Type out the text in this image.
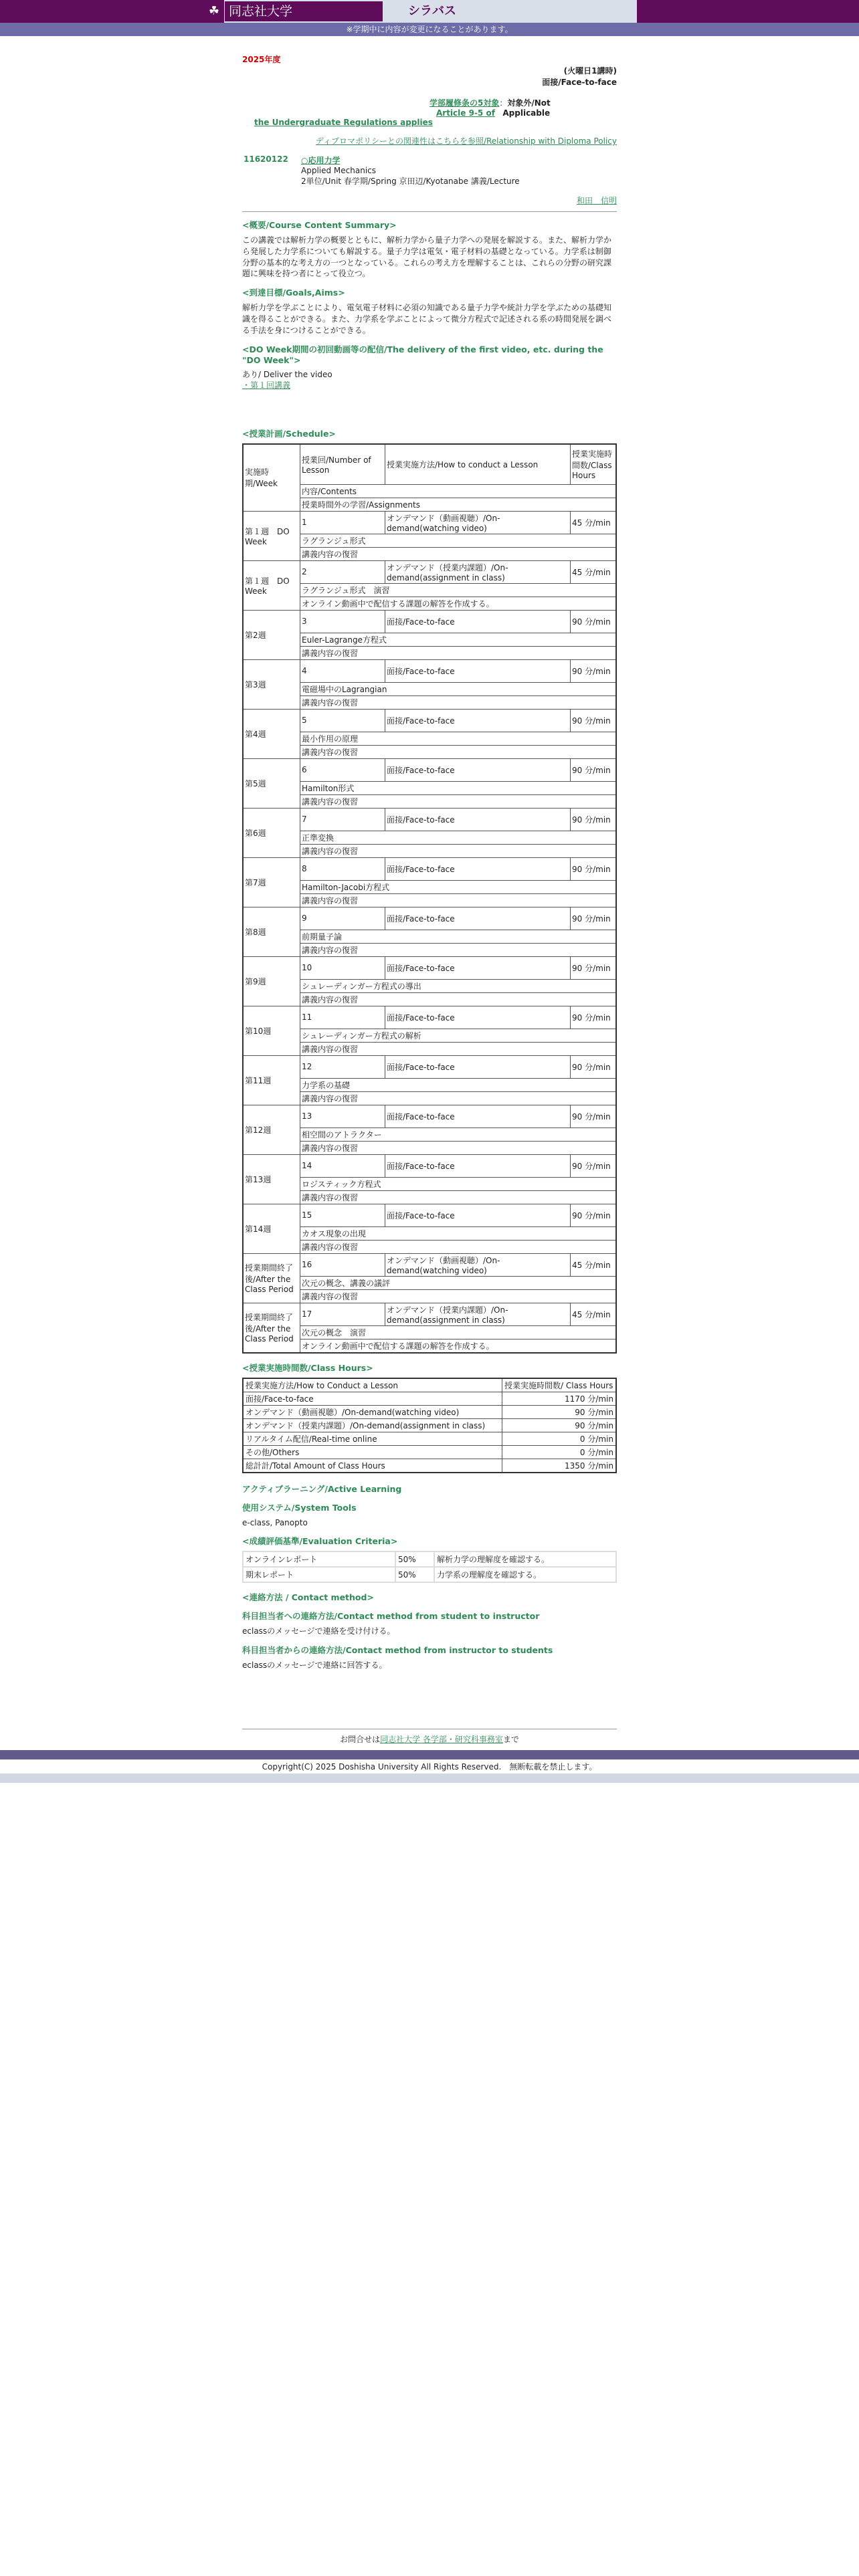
☘ 同志社大学	シラバス
※学期中に内容が変更になることがあります。
2025年度
(火曜日1講時)
面接/Face-to-face
学部履修条の5対象：対象外/Not
Article 9-5 of Applicable
the Undergraduate Regulations applies
ディプロマポリシーとの関連性はこちらを参照/Relationship with Diploma Policy
11620122	○応用力学
Applied Mechanics
2単位/Unit 春学期/Spring 京田辺/Kyotanabe 講義/Lecture
和田　信明
<概要/Course Content Summary>

この講義では解析力学の概要とともに、解析力学から量子力学への発展を解説する。また、解析力学から発展した力学系についても解説する。量子力学は電気・電子材料の基礎となっている。力学系は制御分野の基本的な考え方の一つとなっている。これらの考え方を理解することは、これらの分野の研究課題に興味を持つ者にとって役立つ。

<到達目標/Goals,Aims>

解析力学を学ぶことにより、電気電子材料に必須の知識である量子力学や統計力学を学ぶための基礎知識を得ることができる。また、力学系を学ぶことによって微分方程式で記述される系の時間発展を調べる手法を身につけることができる。

<DO Week期間の初回動画等の配信/The delivery of the first video, etc. during the "DO Week">

あり/ Deliver the video

・第１回講義

<授業計画/Schedule>
実施時期/Week	授業回/Number of Lesson	授業実施方法/How to conduct a Lesson	授業実施時間数/Class Hours
	内容/Contents		
	授業時間外の学習/Assignments		
第１週　DO Week	1	オンデマンド（動画視聴）/On-demand(watching video)	45 分/min
	ラグランジュ形式		
	講義内容の復習		
第１週　DO Week	2	オンデマンド（授業内課題）/On-demand(assignment in class)	45 分/min
	ラグランジュ形式　演習		
	オンライン動画中で配信する課題の解答を作成する。		
第2週	3	面接/Face-to-face	90 分/min
	Euler-Lagrange方程式		
	講義内容の復習		
第3週	4	面接/Face-to-face	90 分/min
	電磁場中のLagrangian		
	講義内容の復習		
第4週	5	面接/Face-to-face	90 分/min
	最小作用の原理		
	講義内容の復習		
第5週	6	面接/Face-to-face	90 分/min
	Hamilton形式		
	講義内容の復習		
第6週	7	面接/Face-to-face	90 分/min
	正準変換		
	講義内容の復習		
第7週	8	面接/Face-to-face	90 分/min
	Hamilton-Jacobi方程式		
	講義内容の復習		
第8週	9	面接/Face-to-face	90 分/min
	前期量子論		
	講義内容の復習		
第9週	10	面接/Face-to-face	90 分/min
	シュレーディンガー方程式の導出		
	講義内容の復習		
第10週	11	面接/Face-to-face	90 分/min
	シュレーディンガー方程式の解析		
	講義内容の復習		
第11週	12	面接/Face-to-face	90 分/min
	力学系の基礎		
	講義内容の復習		
第12週	13	面接/Face-to-face	90 分/min
	相空間のアトラクター		
	講義内容の復習		
第13週	14	面接/Face-to-face	90 分/min
	ロジスティック方程式		
	講義内容の復習		
第14週	15	面接/Face-to-face	90 分/min
	カオス現象の出現		
	講義内容の復習		
授業期間終了後/After the Class Period	16	オンデマンド（動画視聴）/On-demand(watching video)	45 分/min
	次元の概念、講義の議評		
	講義内容の復習		
授業期間終了後/After the Class Period	17	オンデマンド（授業内課題）/On-demand(assignment in class)	45 分/min
	次元の概念　演習		
	オンライン動画中で配信する課題の解答を作成する。		
<授業実施時間数/Class Hours>
授業実施方法/How to Conduct a Lesson	授業実施時間数/ Class Hours
面接/Face-to-face	1170 分/min
オンデマンド（動画視聴）/On-demand(watching video)	90 分/min
オンデマンド（授業内課題）/On-demand(assignment in class)	90 分/min
リアルタイム配信/Real-time online	0 分/min
その他/Others	0 分/min
総計計/Total Amount of Class Hours	1350 分/min
アクティブラーニング/Active Learning
使用システム/System Tools

e-class, Panopto

<成績評価基準/Evaluation Criteria>
オンラインレポート	50%	解析力学の理解度を確認する。
期末レポート	50%	力学系の理解度を確認する。
<連絡方法 / Contact method>
科目担当者への連絡方法/Contact method from student to instructor

eclassのメッセージで連絡を受け付ける。

科目担当者からの連絡方法/Contact method from instructor to students

eclassのメッセージで連絡に回答する。

お問合せは同志社大学 各学部・研究科事務室まで
Copyright(C) 2025 Doshisha University All Rights Reserved.　無断転載を禁止します。
